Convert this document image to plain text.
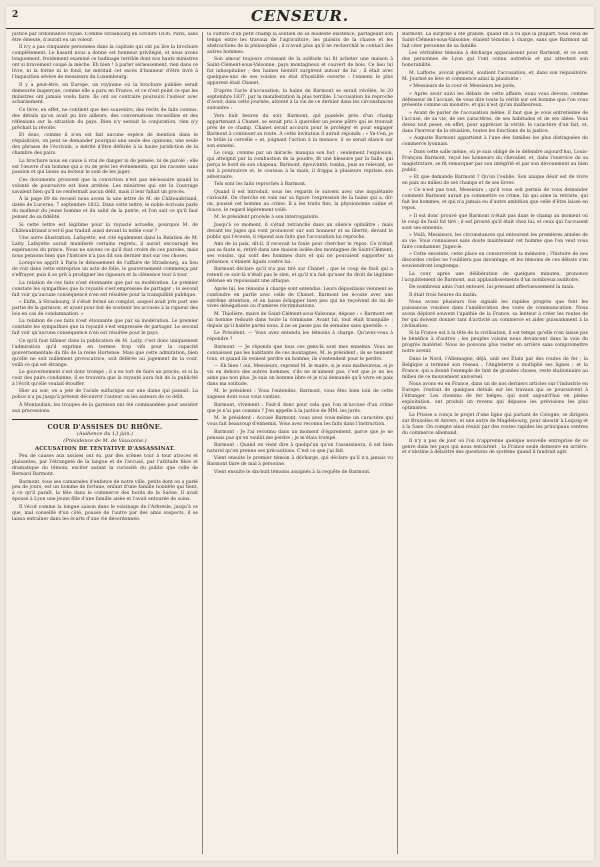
2	CENSEUR.

justice par ordonnance royale. Comme Strasbourg en octobre 1836, Paris, sans être émeute, n'aurait eu un voleur.

Il n'y a pas cinquante personnes dans la capitale qui ont pu lire la brochure complètement. Le hasard nous a donné cet honneur privilégié, et nous avons longuement, froidement examiné ce badinage terrible dont nos hauts ministres ont si bravement coupé la mèche. Eh bien ! à parler sérieusement, rien dans ce livre, ni la forme ni le fond, ne méritait cet excès d'honneur d'être livré à l'inquisition sévère de messieurs du Luxembourg.

Il y a peut-être, en Europe, un royaume où la brochure publiée serait demeurée inaperçue, comme elle a paru en France, et ce n'est point ce que les ministres ont jamais voulu faire. Ils ont au contraire poursuivi l'auteur avec acharnement.

Ce livre, en effet, ne contient que des souvenirs, des récits de faits connus, des détails qu'on avait pu lire ailleurs, des conversations recueillies et des réflexions sur la situation du pays. Rien n'y sentait la conjuration, rien n'y prêchait la révolte.

Et donc, comme il n'en est fait aucune espèce de mention dans le réquisitoire, on peut se demander pourquoi une seule des opinions, une seule des phrases de l'écrivain, a mérité d'être déférée à la haute juridiction de la chambre des pairs.

La brochure nous en cause à vrai de danger ni de pensée, ni de parole ; elle est l'œuvre d'un homme qui a vu de près les événements, qui les raconte sans passion et qui laisse au lecteur le soin de les juger.

Ces documents prouvent que la conviction n'est pas nécessaire quand la volonté de poursuivre est bien arrêtée. Les ministres qui ont lu l'ouvrage savaient bien qu'il ne renfermait aucun délit, mais il leur fallait un procès.

À la page 89 du recueil nous avons lu une lettre de M. de Châteaubriand, datée de Lucerne, 7 septembre 1832. Dans cette lettre, le noble écrivain parle du malheur du jeune homme et du salut de la patrie, et l'on sait ce qu'il faut penser de sa fidélité.

Si cette lettre est légitime pour la royauté actuelle, pourquoi M. de Châteaubriand n'est-il pas traduit aussi devant la noble cour ?

Une autre illustration, Lafayette, est cité également dans la Relation de M. Laity. Lafayette aurait manifesté certains regrets, il aurait encouragé les espérances du prince. Nous ne savons ce qu'il faut croire de ces paroles, mais nous pensons bien que l'histoire n'a pas dit son dernier mot sur ces choses.

Lorsqu'on apprit à Paris le dénouement de l'affaire de Strasbourg, au lieu de voir dans cette entreprise un acte de folie, le gouvernement commença par s'effrayer, puis il se prit à prodiguer les rigueurs et la clémence tour à tour.

La relation de ces faits n'est étonnante que par sa modération. Le premier constate les sympathies que la royauté s'est empressée de partager ; le second fait voir qu'aucune conséquence n'en est résultée pour la tranquillité publique.

« Enfin, à Strasbourg, il s'était formé un complot, auquel avait pris part une partie de la garnison, et ayant pour but de soutenir les accusés à la rigueur des lois en cas de condamnation. »

La relation de ces faits n'est étonnante que par sa modération. Le premier constate les sympathies que la royauté s'est empressée de partager. Le second fait voir qu'aucune conséquence n'en est résultée pour le pays.

Ce qu'il faut blâmer dans la publication de M. Laity, c'est donc uniquement l'admiration qu'il exprime en termes trop vifs pour la capacité gouvernementale du fils de la reine Hortense. Mais que cette admiration, bien qu'elle ne soit nullement provocatrice, soit déférée au jugement de la cour, voilà ce qui est étrange.

Le gouvernement s'est donc trompé ; il a eu tort de faire un procès, et si la cour des pairs condamne, il se trouvera que la royauté aura fait de la publicité à l'écrit qu'elle voulait étouffer.

Hier au soir, on a jeté de l'acide sulfurique sur une dame qui passait. La police n'a pu jusqu'à présent découvrir l'auteur ou les auteurs de ce délit.

À Montauban, les troupes de la garnison ont été commandées pour assister aux processions.

COUR D'ASSISES DU RHÔNE.
(Audience du 13 juin.)
(Présidence de M. de Vauxonne.)
ACCUSATION DE TENTATIVE D'ASSASSINAT.

Peu de causes aux assises ont su, par des scènes tour à tour atroces et plaisantes, par l'étrangeté de la langue et de l'accusé, par l'attitude fière et dramatique du témoin, exciter autant la curiosité du public que celle de Bernard Barmont.

Barmont, tous ses camarades d'enfance de notre ville, petits dont on a parlé peu de jours, est un homme de fortune, enfant d'une famille honnête qui tient, à ce qu'il paraît, la tête dans le commerce des bords de la Saône. Il avait épousé à Lyon une jeune fille d'une famille aisée et l'avait entourée de soins.

Il vécut comme la longue saison dans le voisinage de l'Arbresle, jusqu'à ce que, mal conseillé d'un côté, poussé de l'autre par des amis suspects, il se laissa entraîner dans les écarts d'une vie désordonnée.

la culture d'un petit champ la soutien de sa modeste existence, partageant son temps entre les travaux de l'agriculture, les plaisirs de la chasse et les abstractions de la philosophie ; il n'avait plus qu'il ne recherchât le contact des autres hommes.

Son amour toujours croissant de la solitude lui fit acheter une maison à Saint-Clément-sous-Valsonne, pays montagneux et couvert de bois. Ce lieu lui fut inhospitalier ; des haines bientôt surgirent autour de lui ; il était avec quelques-uns de ses voisins en état d'hostilité ouverte : l'ennemi le plus apparent était Chanet.

D'après l'acte d'accusation, la haine de Barmont se serait révélée, le 20 septembre 1837, par la manifestation la plus terrible. L'accusation lui reproche d'avoir, dans cette journée, attenté à la vie de ce dernier dans les circonstances suivantes :

Vers huit heures du soir, Barmont, qui possède près d'un champ appartenant à Chanet, se serait pris à quereller un jeune pâtre qui se trouvait près de ce champ. Chanet serait accouru pour le protéger et pour engager Barmont à continuer sa route. À cette invitation il aurait répondu : « Va-t'en, je te brûle la cervelle » et, joignant l'action à la menace, il se serait élancé sur son ennemi.

Le coup, comme par un miracle, manqua son but ; seulement l'explosion, qui atteignit par la combustion de la poudre, fit une blessure par la balle, qui perça le bord de son chapeau. Barmont, épouvanté, tomba, puis se relevant, se mit à poursuivre et, le couteau à la main, il frappa à plusieurs reprises son adversaire.

Tels sont les faits reprochés à Barmont.

Quand il est introduit, sous les regards le suivent avec une inquiétante curiosité. On cherche en vain sur sa figure l'expression de la haine qui a, dit-on, poussé cet homme au crime. Il a les traits fins, la physionomie calme et douce, le regard légèrement voilé.

M. le président procède à son interrogatoire.

Jusqu'à ce moment, il s'était retranché dans un silence opiniâtre ; mais devant les juges qui vont prononcer sur son honneur et sa liberté, devant le public qui l'écoute, il répond aux faits que l'accusation lui reproche.

Ami de la paix, dit-il, il recevait la foule pour chercher le repos. Ce n'était pas sa faute si, retiré dans une maison isolée des montagnes de Saint-Clément, ses voisins, qui sont des hommes durs et qui ne pouvaient supporter sa présence, s'étaient ligués contre lui.

Barmont déclare qu'il n'a pas tiré sur Chanet ; que le coup de fusil qui a retenti ce soir-là n'était pas le sien, et qu'il n'a fait qu'user du droit de légitime défense en repoussant une attaque.

Après lui, les témoins à charge sont entendus. Leurs dépositions viennent se confondre en partie avec celle de Chanet. Barmont les écoute avec une extrême attention, et en laisse échapper bien peu qui ne reçoivent de lui de vives dénégations ou d'amères récriminations.

M. Thiolière, maire de Saint-Clément-sous-Valsonne, dépose : « Barmont est un homme redouté dans toute la commune. Avant lui, tout était tranquille ; depuis qu'il habite parmi nous, il ne se passe pas de semaine sans querelle. »

Le Président. — Vous avez entendu les témoins à charge. Qu'avez-vous à répondre ?

Barmont. — Je réponds que tous ces gens-là sont mes ennemis. Vous ne connaissez pas les habitants de ces montagnes, M. le président ; ils se tiennent tous, et quand ils veulent perdre un homme, ils s'entendent pour le perdre.

— Eh bien ! oui, Messieurs, reprend M. le maire, si je suis malheureux, si je vis en dehors des autres hommes, s'ils ne m'aiment pas, c'est que je ne les aime pas non plus. Je suis un homme libre et je n'ai demandé qu'à vivre en paix dans ma solitude.

M. le président : Vous l'entendez, Barmont, vous êtes bien loin de cette sagesse dont vous vous vantiez.

Barmont, vivement : Faut-il donc pour cela que l'on m'accuse d'un crime que je n'ai pas commis ? J'en appelle à la justice de MM. les jurés.

M. le président : Accusé Barmont, vous avez vous-même un caractère qui vous fait beaucoup d'ennemis. Vous avez reconnu les faits dans l'instruction.

Barmont : Je l'ai reconnu dans un moment d'égarement, parce que je ne pensais pas qu'on voulût me perdre ; je m'étais trompé.

Barmont : Quand on vient dire à quelqu'un qu'on l'assassinera, il est bien naturel qu'on prenne ses précautions. C'est ce que j'ai fait.

Vient ensuite le premier témoin à décharge, qui déclare qu'il n'a jamais vu Barmont faire de mal à personne.

Vient ensuite le dix-huit témoins assignés à la requête de Barmont.

Barmont. La surprise a été grande, quand on a vu que la plupart, tous ceux de Saint-Clément-sous-Valsonne, étaient témoins à charge, sans que Barmont ait fait citer personne de sa famille.

Les véritables témoins à décharge apparaissent pour Barmont, et ce sont des personnes de Lyon qui l'ont connu autrefois et qui attestent son honorabilité.

M. Lafforie, avocat général, soutient l'accusation, et, dans son réquisitoire, M. Journel se lève et commence ainsi la plaidoirie :

« Messieurs de la cour et Messieurs les jurés,

» Après avoir suivi les débats de cette affaire, nous vous devons, comme défenseur de l'accusé, de vous dire toute la vérité sur cet homme que l'on vous présente comme un monstre, et qui n'est qu'un malheureux.

» Avant de parler de l'accusation même, il faut que je vous entretienne de l'accusé, de sa vie, de ses caractères, de ses habitudes et de ses idées. Vous devez tout peser, en effet, pour apprécier la vérité, le caractère d'un fait, et, dans l'horreur de la situation, toutes les fonctions de la justice.

» Auguste Barmont appartient à l'une des familles les plus distinguées du commerce lyonnais.

» Dans cette salle même, où je suis obligé de le défendre aujourd'hui, Louis-François Barmont, reçut les honneurs du chevalier, et, dans l'exercice de sa magistrature, se fit remarquer par son intégrité et par son dévouement au bien public.

» Et que demande Barmont ? Qu'on l'oublie. Son unique désir est de vivre en paix au milieu de ses champs et de ses livres.

» Ce n'est pas tout, Messieurs ; qu'il vous soit permis de vous demander comment Barmont aurait pu commettre ce crime, lui qui aime la retraite, qui fuit les hommes, et qui n'a jamais eu d'autre ambition que celle d'être laissé en repos.

» Il est donc prouvé que Barmont n'était pas dans le champ au moment où le coup de fusil fut tiré ; il est prouvé qu'il était chez lui, et ceux qui l'accusent sont ses ennemis.

» Voilà, Messieurs, les circonstances qui entourent les premières années de sa vie. Vous connaissez sans doute maintenant cet homme que l'on veut vous faire condamner. Jugez-le.

» Cette enceinte, cette place en conserveront la mémoire ; l'histoire de nos discordes civiles ne l'oubliera pas davantage, et les témoins de ces débats s'en souviendront longtemps.

La cour, après une délibération de quelques minutes, prononce l'acquittement de Barmont, aux applaudissements d'un nombreux auditoire.

De nombreux amis l'ont entouré, lui pressant affectueusement la main.

Il était trois heures du matin.

Nous avons plusieurs fois signalé les rapides progrès que font les puissances voisines dans l'amélioration des voies de communication. Nous avons déploré souvent l'apathie de la France, sa lenteur à créer les routes de fer qui doivent donner tant d'activité au commerce et aider puissamment à la civilisation.

Si la France est à la tête de la civilisation, il est temps qu'elle n'en laisse pas le bénéfice à d'autres ; les peuples voisins nous devancent dans la voie du progrès matériel. Nous ne pouvons plus rester en arrière sans compromettre notre avenir.

Dans le Nord, l'Allemagne, déjà, unit ses États par des routes de fer ; la Belgique a terminé son réseau ; l'Angleterre a multiplié ses lignes ; et la France, qui a donné l'exemple de tant de grandes choses, reste stationnaire au milieu de ce mouvement universel.

Nous avons eu en France, dans un de nos derniers articles sur l'industrie en Europe, l'extrait de quelques détails sur les travaux qui se poursuivent à l'étranger. Les chemins de fer belges, qui sont aujourd'hui en pleine exploitation, ont produit un revenu qui dépasse les prévisions les plus optimistes.

La Prusse a conçu le projet d'une ligne qui partant de Cologne, se dirigera sur Bruxelles et Anvers, et une autre de Magdebourg, pour aboutir à Leipzig et à la Saxe. On compte ainsi réunir par des routes rapides les principaux centres du commerce allemand.

Il n'y a pas de jour où l'on n'apprenne quelque nouvelle entreprise de ce genre dans les pays qui nous entourent ; la France seule demeure en arrière, et s'obstine à débattre des questions de système quand il faudrait agir.
